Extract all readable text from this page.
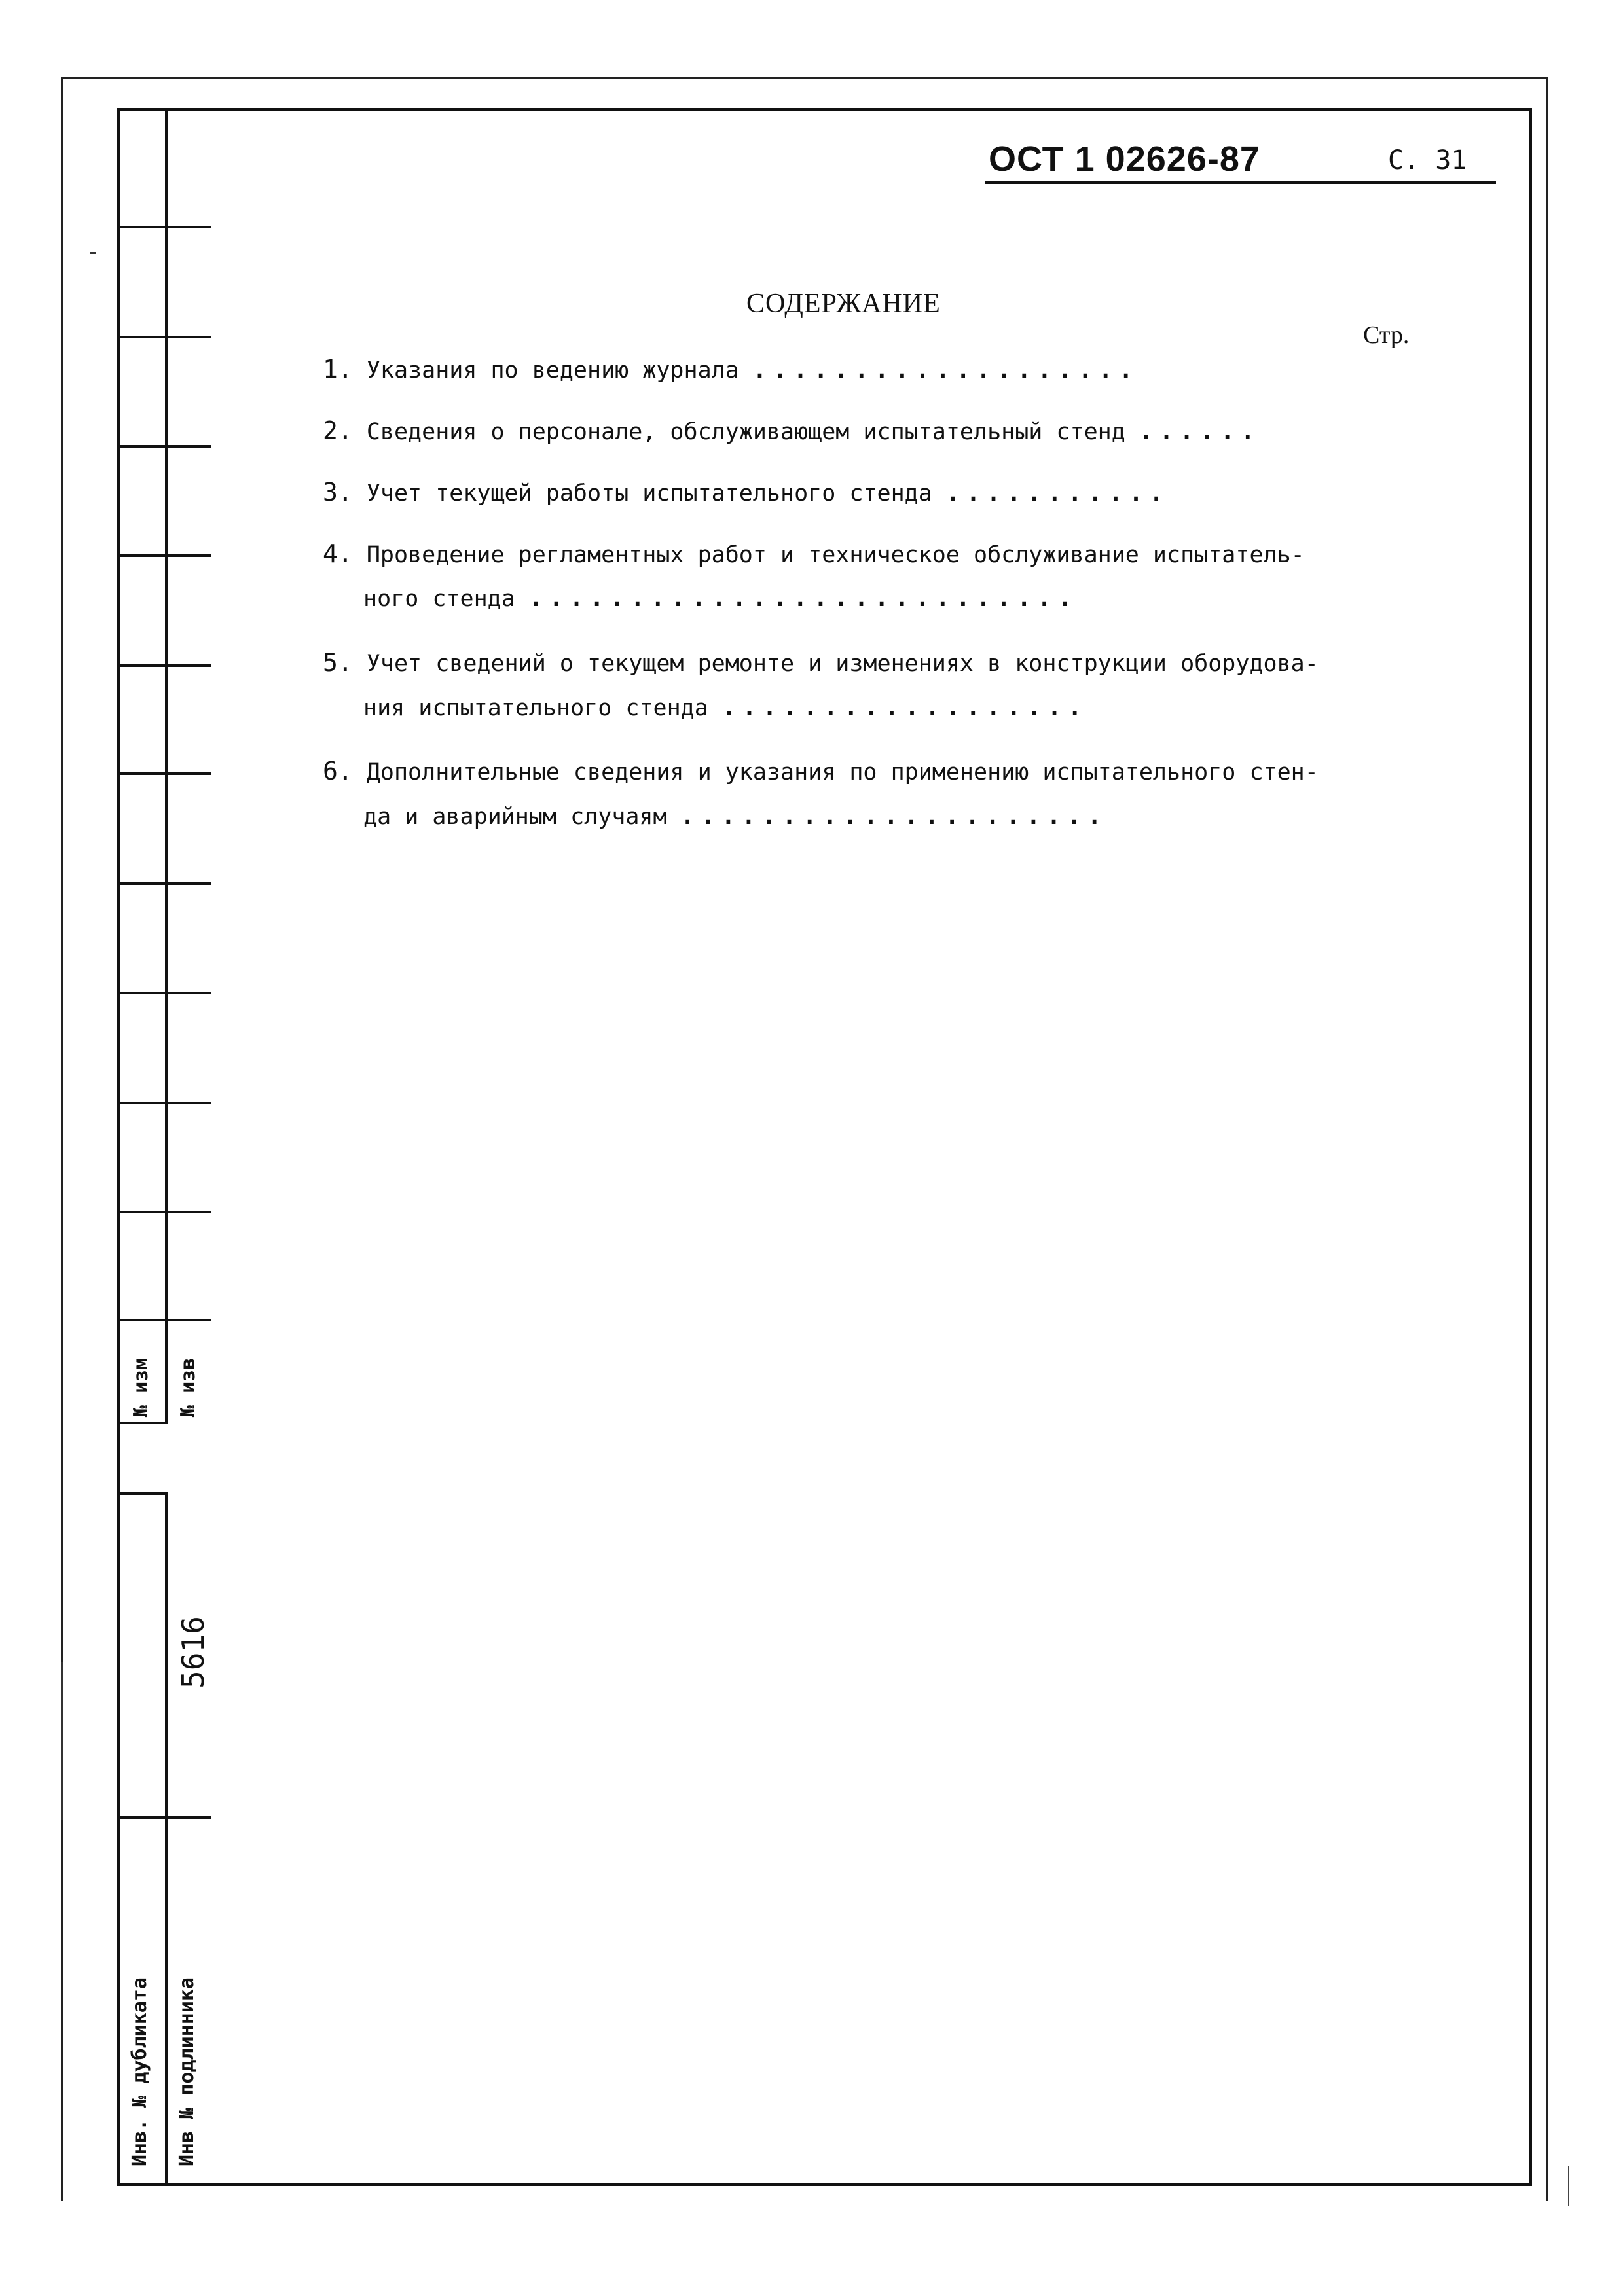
№ изм № изв
5616
Инв. № дубликата Инв № подлинника
ОСТ 1 02626-87	С. 31
СОДЕРЖАНИЕ
Стр.
1. Указания по ведению журнала ...................
2. Сведения о персонале, обслуживающем испытательный стенд ......
3. Учет текущей работы испытательного стенда ...........
4. Проведение регламентных работ и техническое обслуживание испытатель-
ного стенда ...........................
5. Учет сведений о текущем ремонте и изменениях в конструкции оборудова-
ния испытательного стенда ..................
6. Дополнительные сведения и указания по применению испытательного стен-
да и аварийным случаям .....................
